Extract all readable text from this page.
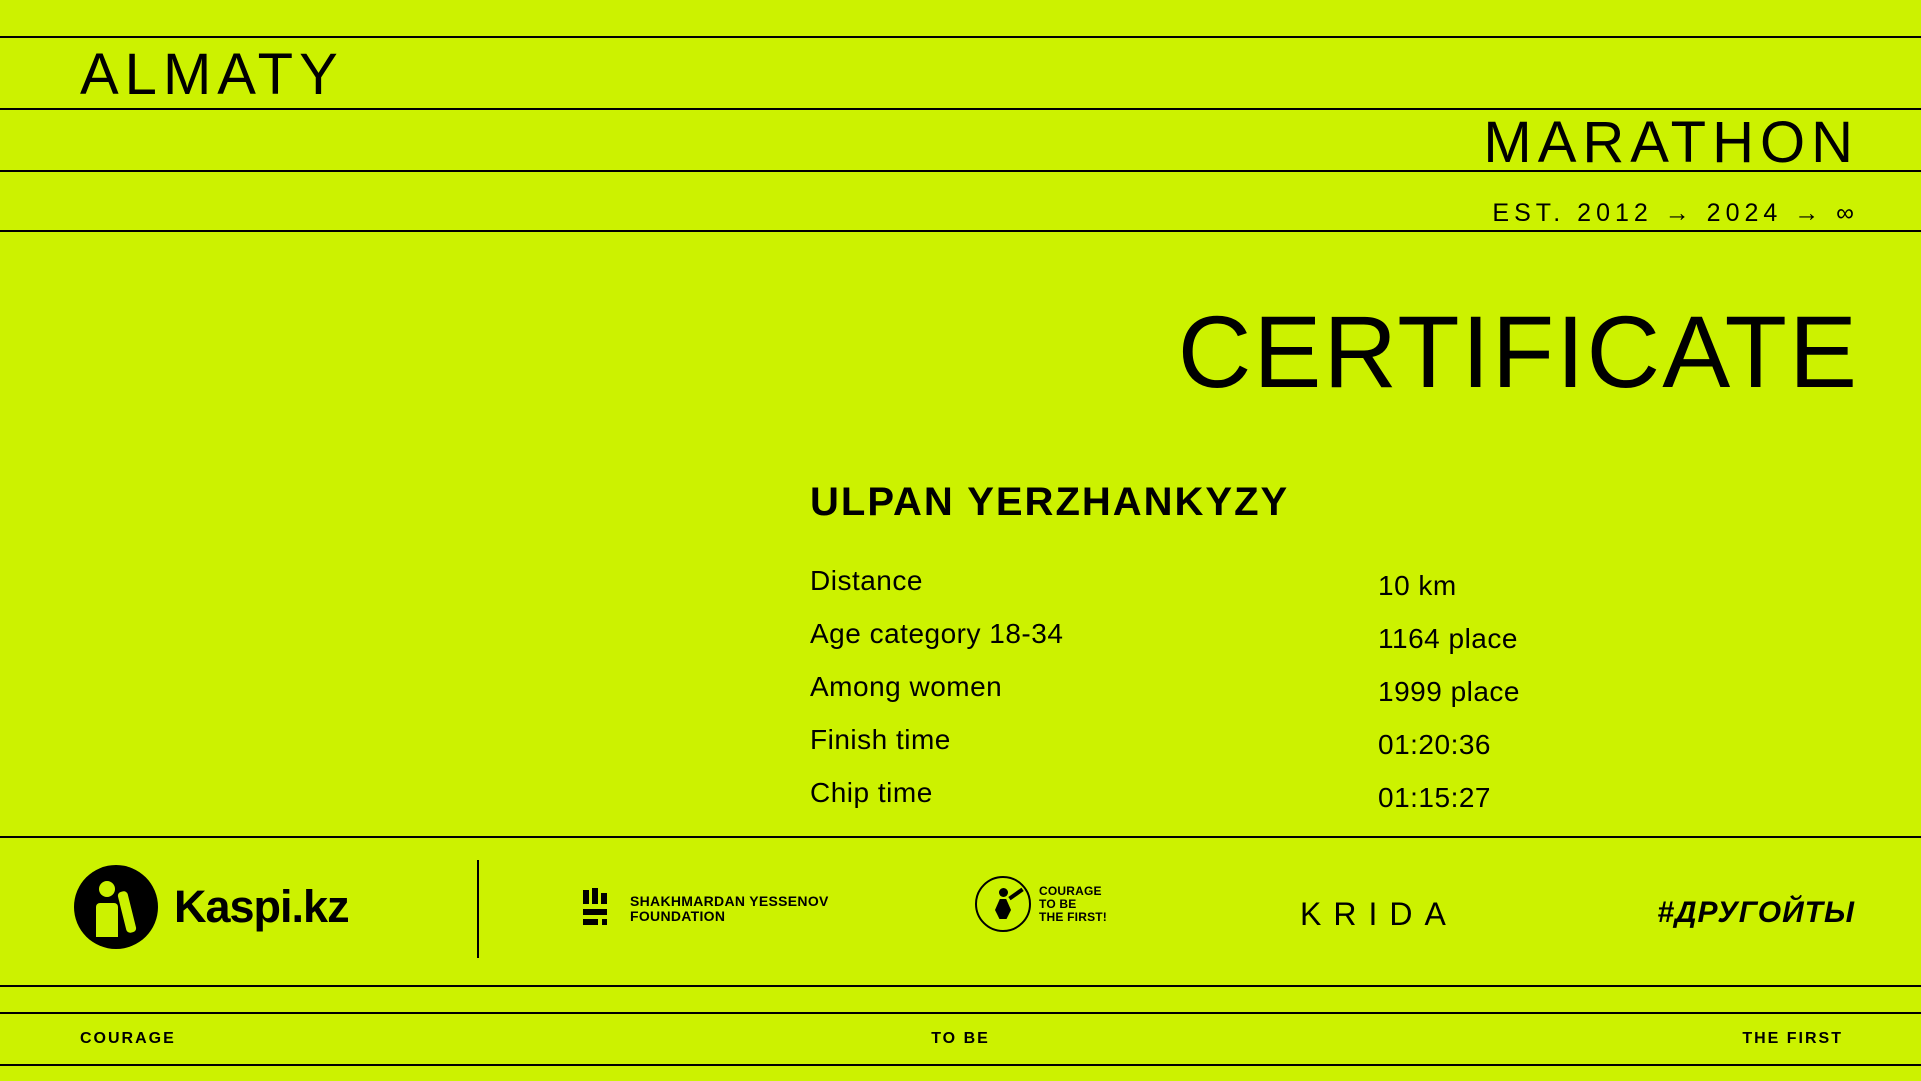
ALMATY
MARATHON
EST. 2012 → 2024 → ∞
CERTIFICATE
ULPAN YERZHANKYZY
Distance	10 km
Age category 18-34	1164 place
Among women	1999 place
Finish time	01:20:36
Chip time	01:15:27
Kaspi.kz	SHAKHMARDAN YESSENOV
FOUNDATION
COURAGE
TO BE
THE FIRST!	KRIDA	#ДРУГОЙТЫ
COURAGE	TO BE	THE FIRST
